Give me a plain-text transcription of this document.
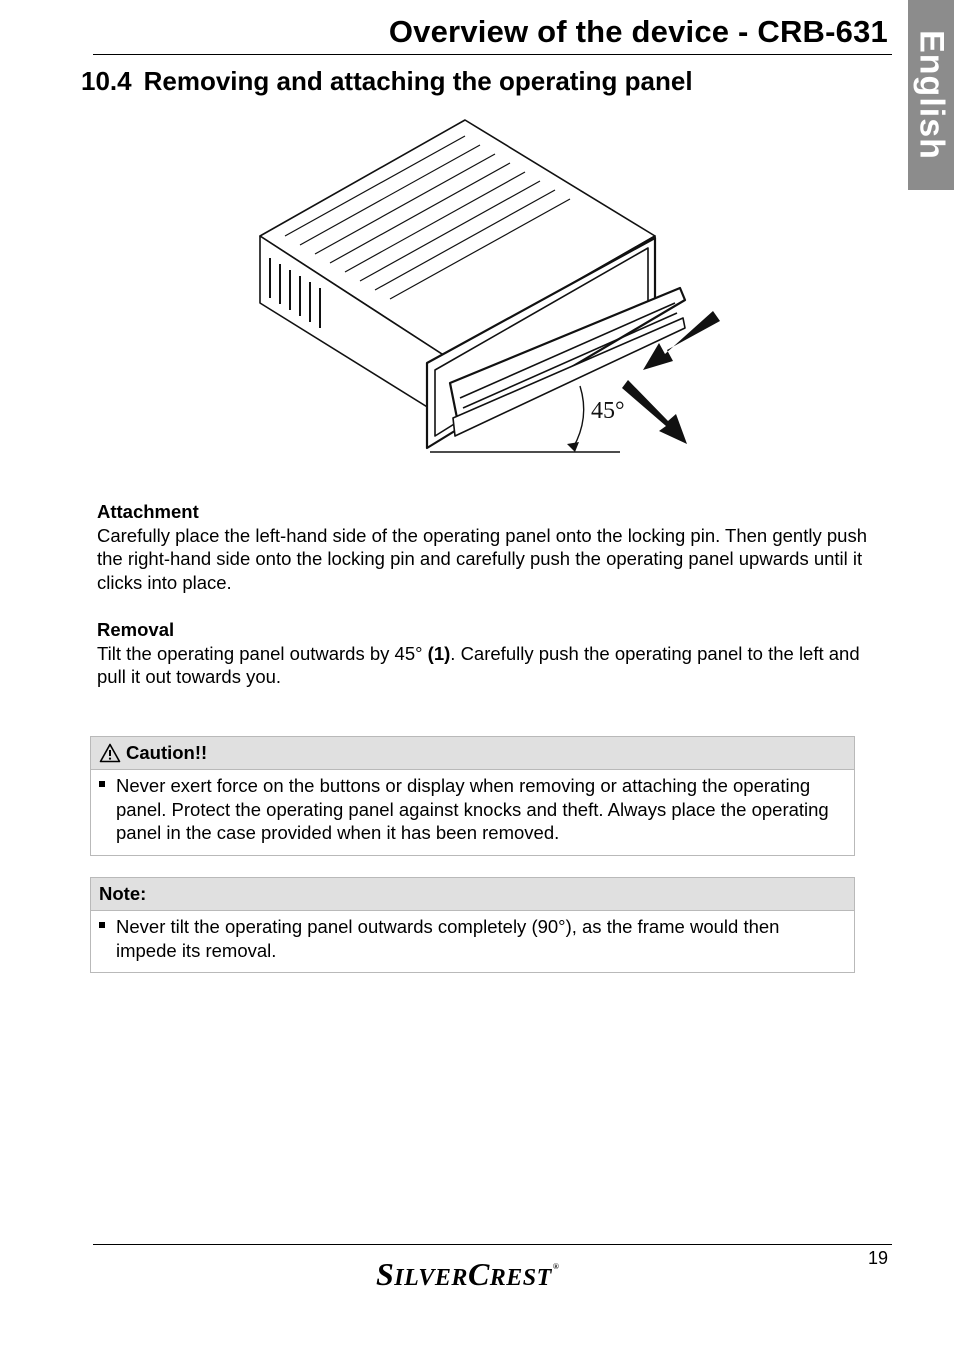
Overview of the device - CRB-631 English
10.4 Removing and attaching the operating panel
45°
Attachment

Carefully place the left-hand side of the operating panel onto the locking pin. Then gently push the right-hand side onto the locking pin and carefully push the operating panel upwards until it clicks into place.

Removal

Tilt the operating panel outwards by 45° (1). Carefully push the operating panel to the left and pull it out towards you.

Caution!!
Never exert force on the buttons or display when removing or attaching the operating panel. Protect the operating panel against knocks and theft. Always place the operating panel in the case provided when it has been removed.
Note:
Never tilt the operating panel outwards completely (90°), as the frame would then impede its removal.
19
SILVERCREST®
